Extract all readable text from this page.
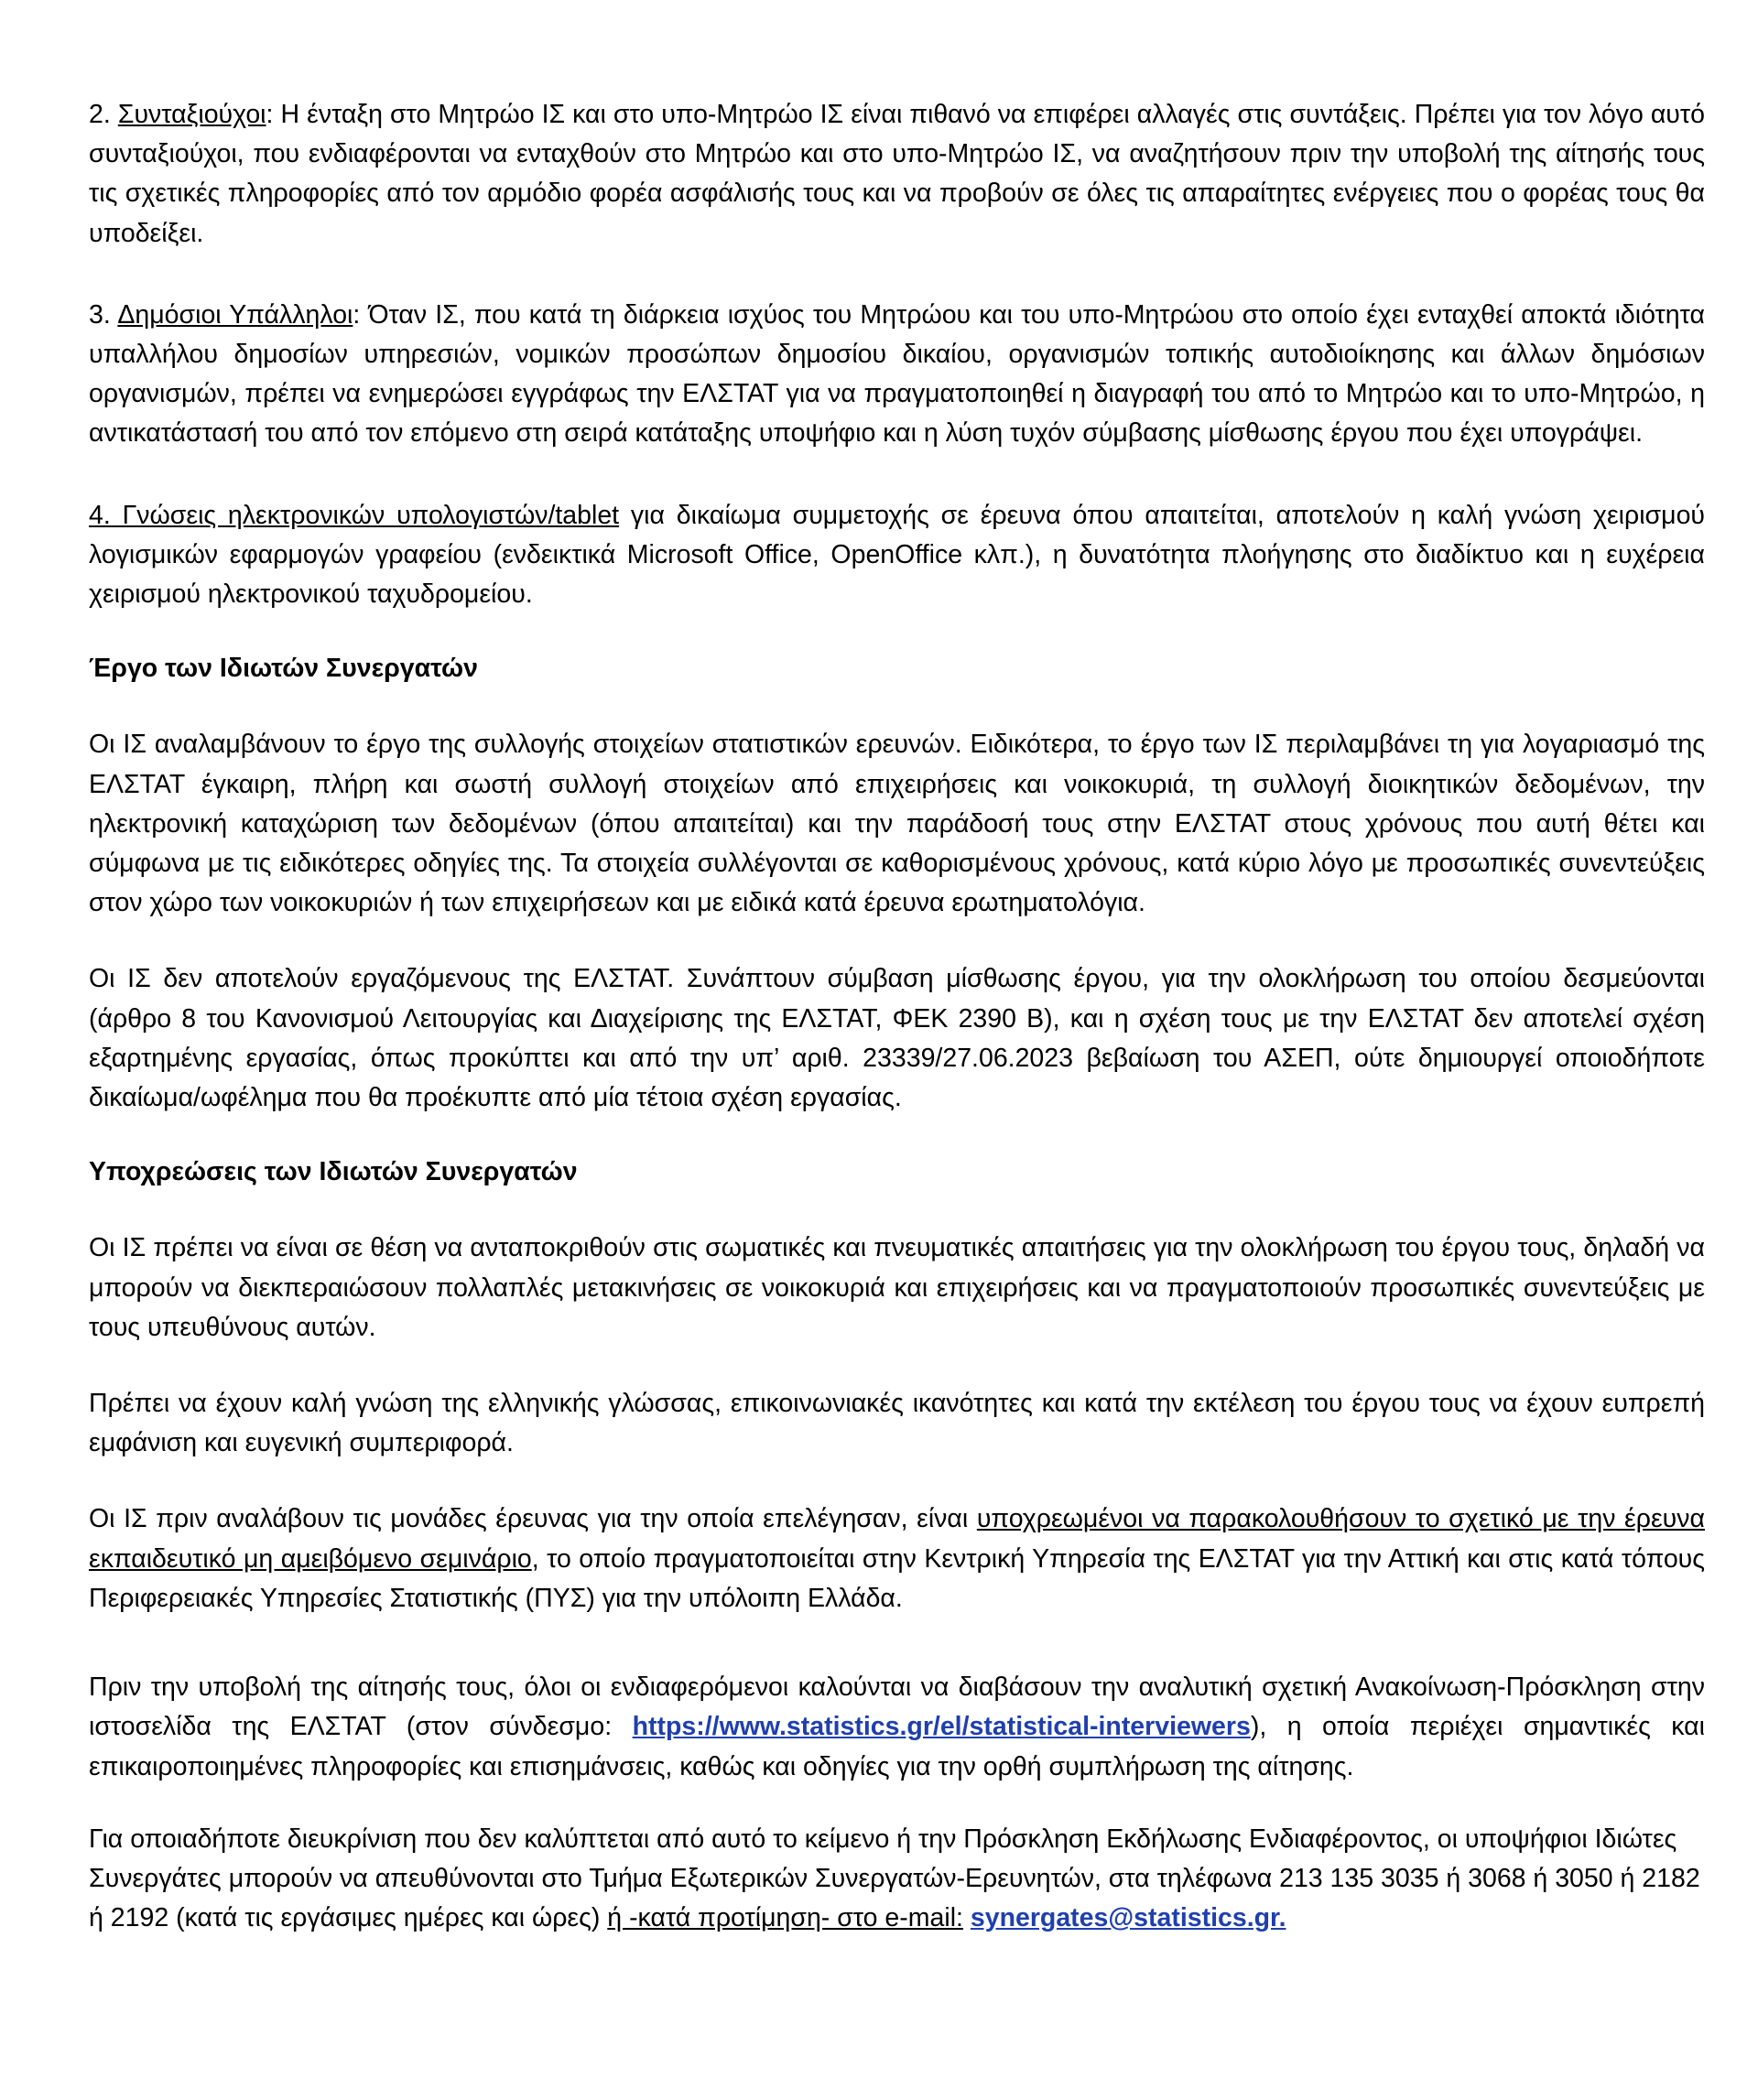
2. Συνταξιούχοι: Η ένταξη στο Μητρώο ΙΣ και στο υπο-Μητρώο ΙΣ είναι πιθανό να επιφέρει αλλαγές στις συντάξεις. Πρέπει για τον λόγο αυτό συνταξιούχοι, που ενδιαφέρονται να ενταχθούν στο Μητρώο και στο υπο-Μητρώο ΙΣ, να αναζητήσουν πριν την υποβολή της αίτησής τους τις σχετικές πληροφορίες από τον αρμόδιο φορέα ασφάλισής τους και να προβούν σε όλες τις απαραίτητες ενέργειες που ο φορέας τους θα υποδείξει.

3. Δημόσιοι Υπάλληλοι: Όταν ΙΣ, που κατά τη διάρκεια ισχύος του Μητρώου και του υπο-Μητρώου στο οποίο έχει ενταχθεί αποκτά ιδιότητα υπαλλήλου δημοσίων υπηρεσιών, νομικών προσώπων δημοσίου δικαίου, οργανισμών τοπικής αυτοδιοίκησης και άλλων δημόσιων οργανισμών, πρέπει να ενημερώσει εγγράφως την ΕΛΣΤΑΤ για να πραγματοποιηθεί η διαγραφή του από το Μητρώο και το υπο-Μητρώο, η αντικατάστασή του από τον επόμενο στη σειρά κατάταξης υποψήφιο και η λύση τυχόν σύμβασης μίσθωσης έργου που έχει υπογράψει.

4. Γνώσεις ηλεκτρονικών υπολογιστών/tablet για δικαίωμα συμμετοχής σε έρευνα όπου απαιτείται, αποτελούν η καλή γνώση χειρισμού λογισμικών εφαρμογών γραφείου (ενδεικτικά Microsoft Office, OpenOffice κλπ.), η δυνατότητα πλοήγησης στο διαδίκτυο και η ευχέρεια χειρισμού ηλεκτρονικού ταχυδρομείου.

Έργο των Ιδιωτών Συνεργατών

Οι ΙΣ αναλαμβάνουν το έργο της συλλογής στοιχείων στατιστικών ερευνών. Ειδικότερα, το έργο των ΙΣ περιλαμβάνει τη για λογαριασμό της ΕΛΣΤΑΤ έγκαιρη, πλήρη και σωστή συλλογή στοιχείων από επιχειρήσεις και νοικοκυριά, τη συλλογή διοικητικών δεδομένων, την ηλεκτρονική καταχώριση των δεδομένων (όπου απαιτείται) και την παράδοσή τους στην ΕΛΣΤΑΤ στους χρόνους που αυτή θέτει και σύμφωνα με τις ειδικότερες οδηγίες της. Τα στοιχεία συλλέγονται σε καθορισμένους χρόνους, κατά κύριο λόγο με προσωπικές συνεντεύξεις στον χώρο των νοικοκυριών ή των επιχειρήσεων και με ειδικά κατά έρευνα ερωτηματολόγια.

Οι ΙΣ δεν αποτελούν εργαζόμενους της ΕΛΣΤΑΤ. Συνάπτουν σύμβαση μίσθωσης έργου, για την ολοκλήρωση του οποίου δεσμεύονται (άρθρο 8 του Κανονισμού Λειτουργίας και Διαχείρισης της ΕΛΣΤΑΤ, ΦΕΚ 2390 Β), και η σχέση τους με την ΕΛΣΤΑΤ δεν αποτελεί σχέση εξαρτημένης εργασίας, όπως προκύπτει και από την υπ’ αριθ. 23339/27.06.2023 βεβαίωση του ΑΣΕΠ, ούτε δημιουργεί οποιοδήποτε δικαίωμα/ωφέλημα που θα προέκυπτε από μία τέτοια σχέση εργασίας.

Υποχρεώσεις των Ιδιωτών Συνεργατών

Οι ΙΣ πρέπει να είναι σε θέση να ανταποκριθούν στις σωματικές και πνευματικές απαιτήσεις για την ολοκλήρωση του έργου τους, δηλαδή να μπορούν να διεκπεραιώσουν πολλαπλές μετακινήσεις σε νοικοκυριά και επιχειρήσεις και να πραγματοποιούν προσωπικές συνεντεύξεις με τους υπευθύνους αυτών.

Πρέπει να έχουν καλή γνώση της ελληνικής γλώσσας, επικοινωνιακές ικανότητες και κατά την εκτέλεση του έργου τους να έχουν ευπρεπή εμφάνιση και ευγενική συμπεριφορά.

Οι ΙΣ πριν αναλάβουν τις μονάδες έρευνας για την οποία επελέγησαν, είναι υποχρεωμένοι να παρακολουθήσουν το σχετικό με την έρευνα εκπαιδευτικό μη αμειβόμενο σεμινάριο, το οποίο πραγματοποιείται στην Κεντρική Υπηρεσία της ΕΛΣΤΑΤ για την Αττική και στις κατά τόπους Περιφερειακές Υπηρεσίες Στατιστικής (ΠΥΣ) για την υπόλοιπη Ελλάδα.

Πριν την υποβολή της αίτησής τους, όλοι οι ενδιαφερόμενοι καλούνται να διαβάσουν την αναλυτική σχετική Ανακοίνωση-Πρόσκληση στην ιστοσελίδα της ΕΛΣΤΑΤ (στον σύνδεσμο: https://www.statistics.gr/el/statistical-interviewers), η οποία περιέχει σημαντικές και επικαιροποιημένες πληροφορίες και επισημάνσεις, καθώς και οδηγίες για την ορθή συμπλήρωση της αίτησης.

Για οποιαδήποτε διευκρίνιση που δεν καλύπτεται από αυτό το κείμενο ή την Πρόσκληση Εκδήλωσης Ενδιαφέροντος, οι υποψήφιοι Ιδιώτες Συνεργάτες μπορούν να απευθύνονται στο Τμήμα Εξωτερικών Συνεργατών-Ερευνητών, στα τηλέφωνα 213 135 3035 ή 3068 ή 3050 ή 2182 ή 2192 (κατά τις εργάσιμες ημέρες και ώρες) ή -κατά προτίμηση- στο e-mail: synergates@statistics.gr.
